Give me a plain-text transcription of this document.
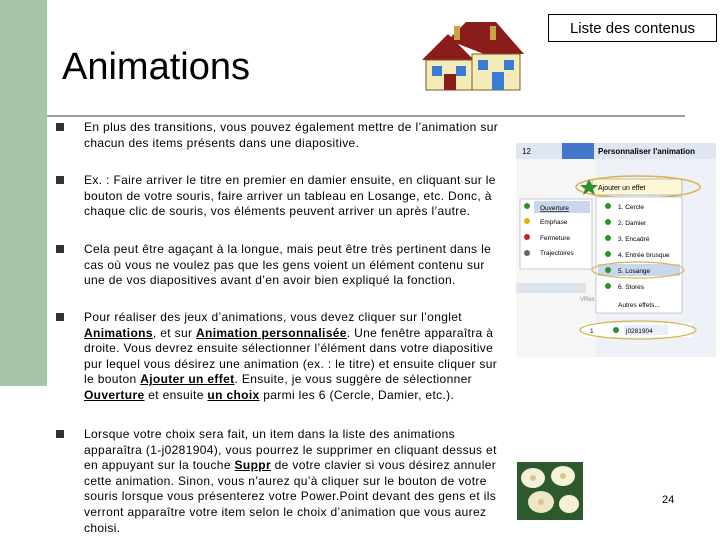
Liste des contenus
Animations
En plus des transitions, vous pouvez également mettre de l’animation sur chacun des items présents dans une diapositive.
Ex. : Faire arriver le titre en premier en damier ensuite, en cliquant sur le bouton de votre souris, faire arriver un tableau en Losange, etc. Donc, à chaque clic de souris, vos éléments peuvent arriver un après l’autre.
Cela peut être agaçant à la longue, mais peut être très pertinent dans le cas où vous ne voulez pas que les gens voient un élément contenu sur une de vos diapositives avant d’en avoir bien expliqué la fonction.
Pour réaliser des jeux d’animations, vous devez cliquer sur l’onglet Animations, et sur Animation personnalisée. Une fenêtre apparaîtra à droite. Vous devrez ensuite sélectionner l’élément dans votre diapositive pur lequel vous désirez une animation (ex. : le titre) et ensuite cliquer sur le bouton Ajouter un effet. Ensuite, je vous suggère de sélectionner Ouverture et ensuite un choix parmi les 6 (Cercle, Damier, etc.).
Lorsque votre choix sera fait, un item dans la liste des animations apparaîtra (1-j0281904), vous pourrez le supprimer en cliquant dessus et en appuyant sur la touche Suppr de votre clavier si vous désirez annuler cette animation. Sinon, vous n’aurez qu’à cliquer sur le bouton de votre souris lorsque vous présenterez votre Power.Point devant des gens et ils verront apparaître votre item selon le choix d’animation que vous aurez choisi.
12	Personnaliser l'animation
VRes
Ajouter un effet
Ouverture
Emphase
Fermeture
Trajectoires
1. Cercle
2. Damier
3. Encadré
4. Entrée brusque
5. Losange
6. Stores
Autres effets...
1	j0281904
24
